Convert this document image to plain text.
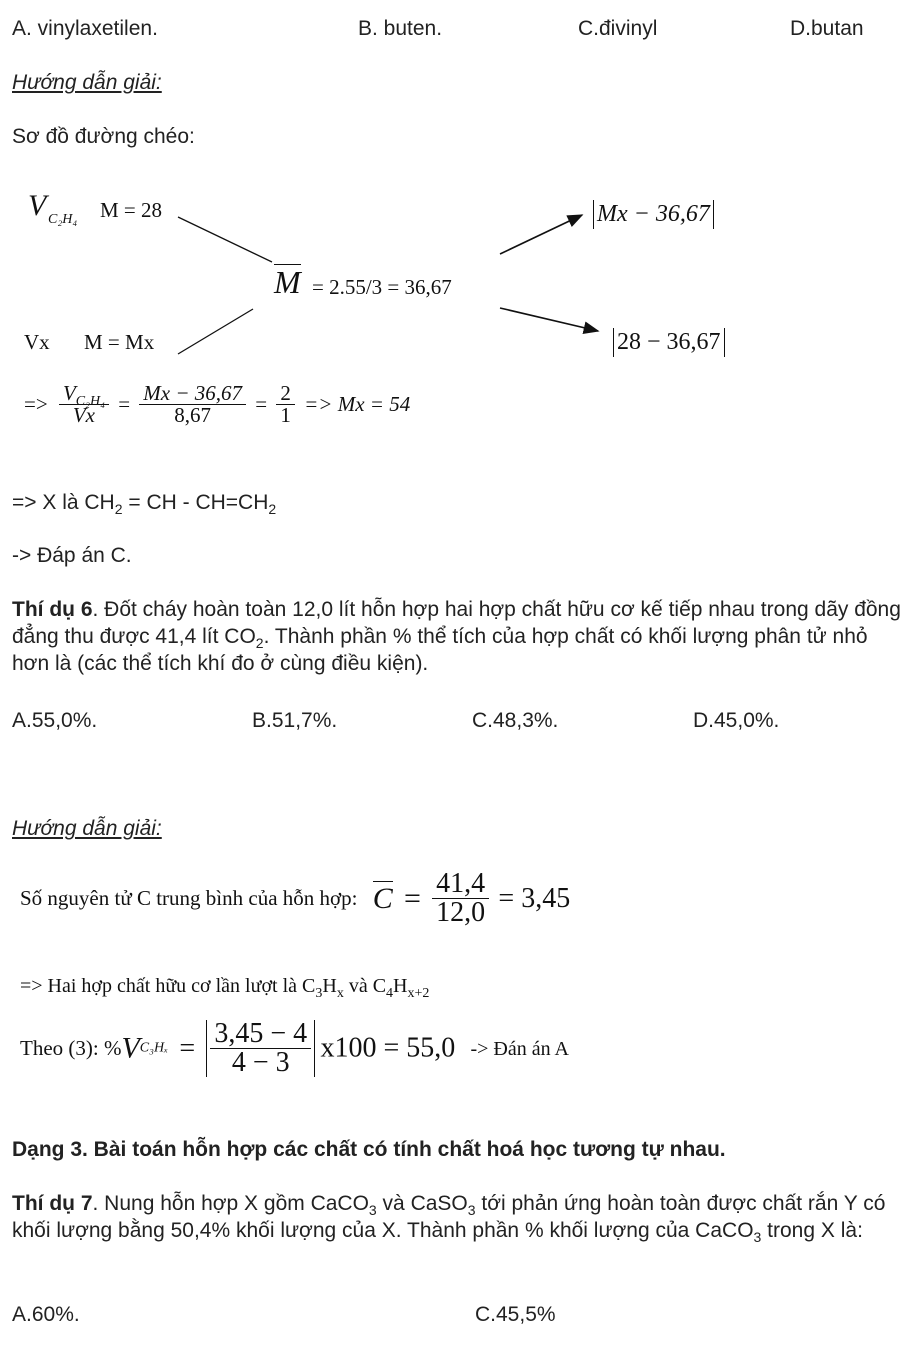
A. vinylaxetilen.	B. buten.	C.đivinyl	D.butan
Hướng dẫn giải:
Sơ đồ đường chéo:
V C₂H₄ M = 28
M = 2.55/3 = 36,67
Vx M = Mx
Mx − 36,67
28 − 36,67
=> $\frac{V_{C_2H_4}}{Vx} = \frac{Mx - 36,67}{8,67} = \frac{2}{1} => Mx = 54$
=> X là $CH_2$ = CH - $CH=CH_2$
-> Đáp án C.
Thí dụ 6. Đốt cháy hoàn toàn 12,0 lít hỗn hợp hai hợp chất hữu cơ kế tiếp nhau trong dãy đồng đẳng thu được 41,4 lít $CO_2$. Thành phần % thể tích của hợp chất có khối lượng phân tử nhỏ hơn là (các thể tích khí đo ở cùng điều kiện).
A.55,0%.	B.51,7%.	C.48,3%.	D.45,0%.
Hướng dẫn giải:
Số nguyên tử C trung bình của hỗn hợp: $C = \frac{41,4}{12,0} = 3,45$
=> Hai hợp chất hữu cơ lần lượt là $C_3H_x$ và $C_4H_{x+2}$
Theo (3): $\%VC_3H_x = \frac{3,45 - 4}{4 - 3} x100 = 55,0$ -> Đán án A
Dạng 3. Bài toán hỗn hợp các chất có tính chất hoá học tương tự nhau.
Thí dụ 7. Nung hỗn hợp X gồm CaCO$_3$ và CaSO$_3$ tới phản ứng hoàn toàn được chất rắn Y có khối lượng bằng 50,4% khối lượng của X. Thành phần % khối lượng của CaCO$_3$ trong X là:
A.60%.	C.45,5%
